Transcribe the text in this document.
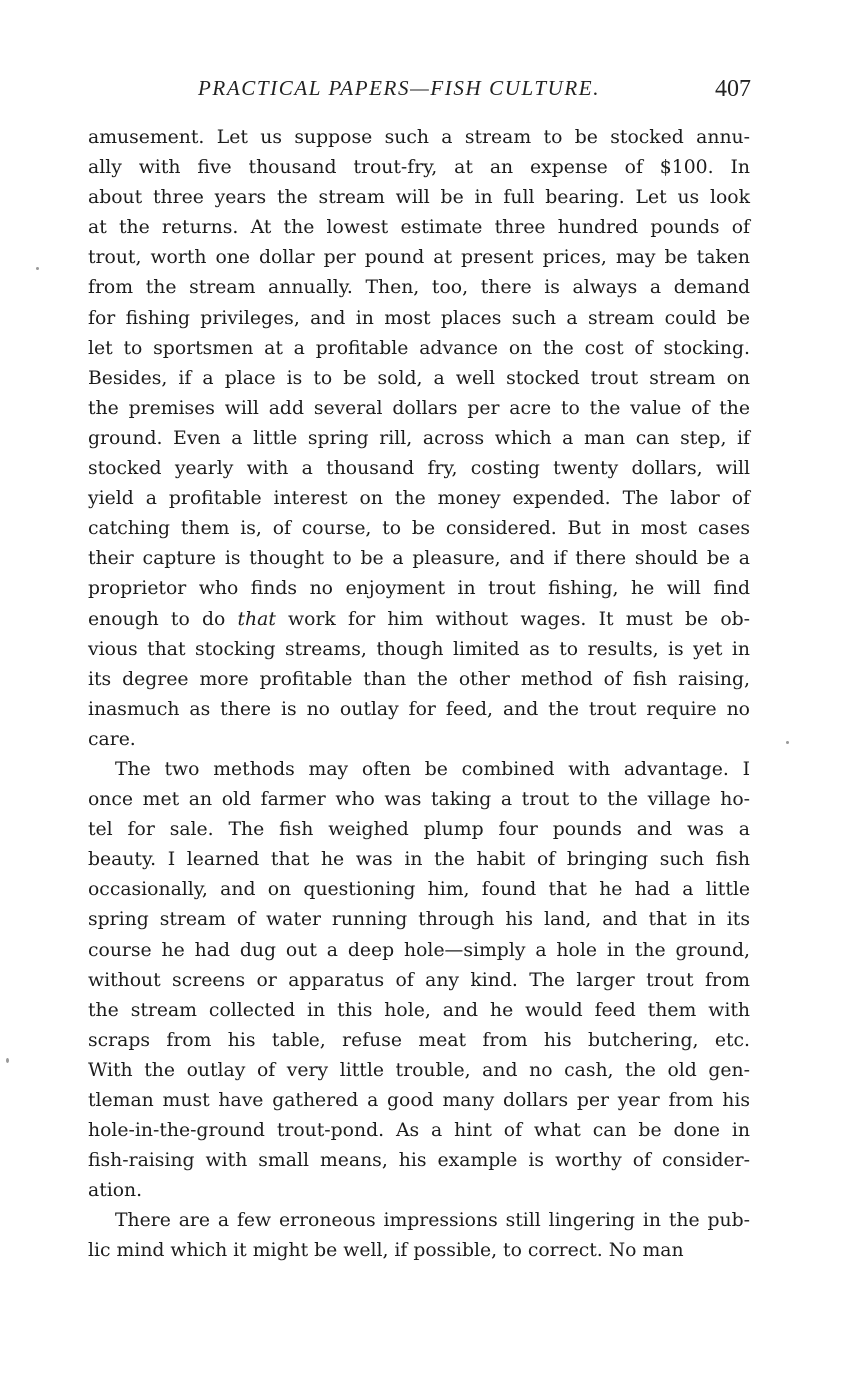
PRACTICAL PAPERS—FISH CULTURE.	407
amusement. Let us suppose such a stream to be stocked annu-
ally with five thousand trout-fry, at an expense of $100. In
about three years the stream will be in full bearing. Let us look
at the returns. At the lowest estimate three hundred pounds of
trout, worth one dollar per pound at present prices, may be taken
from the stream annually. Then, too, there is always a demand
for fishing privileges, and in most places such a stream could be
let to sportsmen at a profitable advance on the cost of stocking.
Besides, if a place is to be sold, a well stocked trout stream on
the premises will add several dollars per acre to the value of the
ground. Even a little spring rill, across which a man can step, if
stocked yearly with a thousand fry, costing twenty dollars, will
yield a profitable interest on the money expended. The labor of
catching them is, of course, to be considered. But in most cases
their capture is thought to be a pleasure, and if there should be a
proprietor who finds no enjoyment in trout fishing, he will find
enough to do that work for him without wages. It must be ob-
vious that stocking streams, though limited as to results, is yet in
its degree more profitable than the other method of fish raising,
inasmuch as there is no outlay for feed, and the trout require no
care.
The two methods may often be combined with advantage. I
once met an old farmer who was taking a trout to the village ho-
tel for sale. The fish weighed plump four pounds and was a
beauty. I learned that he was in the habit of bringing such fish
occasionally, and on questioning him, found that he had a little
spring stream of water running through his land, and that in its
course he had dug out a deep hole—simply a hole in the ground,
without screens or apparatus of any kind. The larger trout from
the stream collected in this hole, and he would feed them with
scraps from his table, refuse meat from his butchering, etc.
With the outlay of very little trouble, and no cash, the old gen-
tleman must have gathered a good many dollars per year from his
hole-in-the-ground trout-pond. As a hint of what can be done in
fish-raising with small means, his example is worthy of consider-
ation.
There are a few erroneous impressions still lingering in the pub-
lic mind which it might be well, if possible, to correct. No man
